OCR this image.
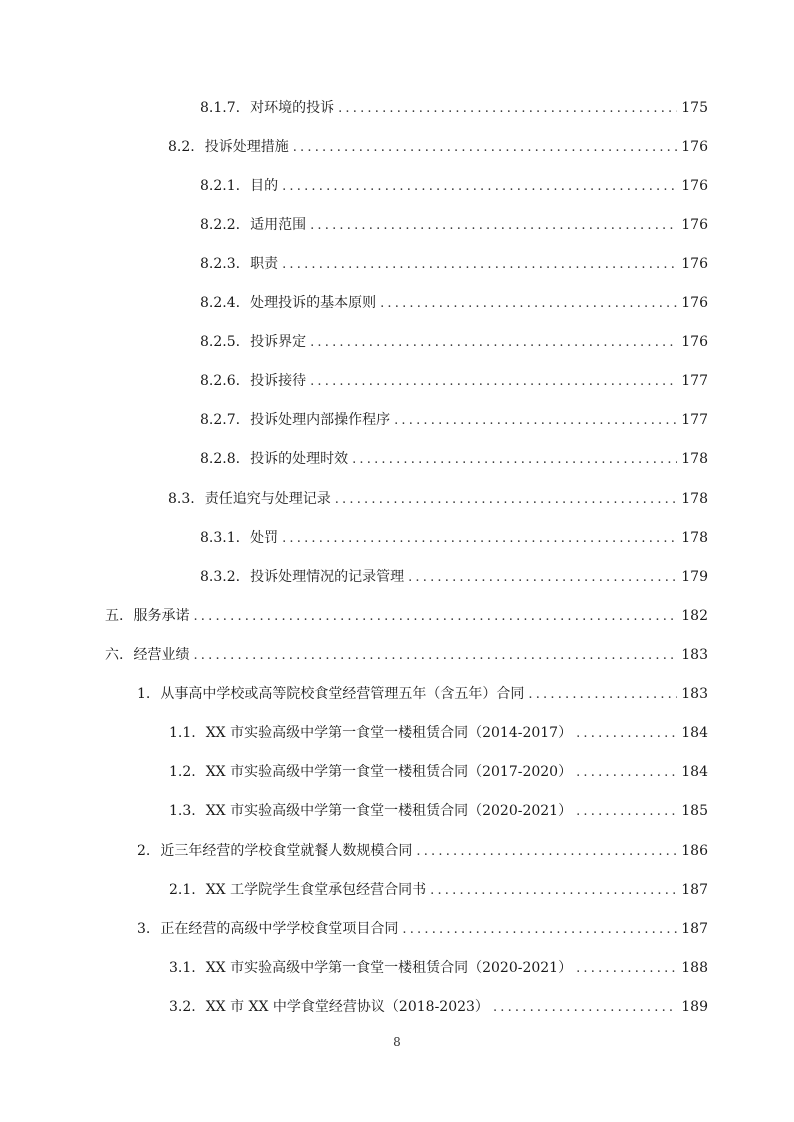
8.1.7. 对环境的投诉 .....	175
8.2. 投诉处理措施 .....	176
8.2.1. 目的 .....	176
8.2.2. 适用范围 .....	176
8.2.3. 职责 .....	176
8.2.4. 处理投诉的基本原则 .....	176
8.2.5. 投诉界定 .....	176
8.2.6. 投诉接待 .....	177
8.2.7. 投诉处理内部操作程序 .....	177
8.2.8. 投诉的处理时效 .....	178
8.3. 责任追究与处理记录 .....	178
8.3.1. 处罚 .....	178
8.3.2. 投诉处理情况的记录管理 .....	179
五. 服务承诺 .....	182
六. 经营业绩 .....	183
1. 从事高中学校或高等院校食堂经营管理五年（含五年）合同 .....	183
1.1. XX 市实验高级中学第一食堂一楼租赁合同（2014-2017） .....	184
1.2. XX 市实验高级中学第一食堂一楼租赁合同（2017-2020） .....	184
1.3. XX 市实验高级中学第一食堂一楼租赁合同（2020-2021） .....	185
2. 近三年经营的学校食堂就餐人数规模合同 .....	186
2.1. XX 工学院学生食堂承包经营合同书 .....	187
3. 正在经营的高级中学学校食堂项目合同 .....	187
3.1. XX 市实验高级中学第一食堂一楼租赁合同（2020-2021） .....	188
3.2. XX 市 XX 中学食堂经营协议（2018-2023） .....	189
8
